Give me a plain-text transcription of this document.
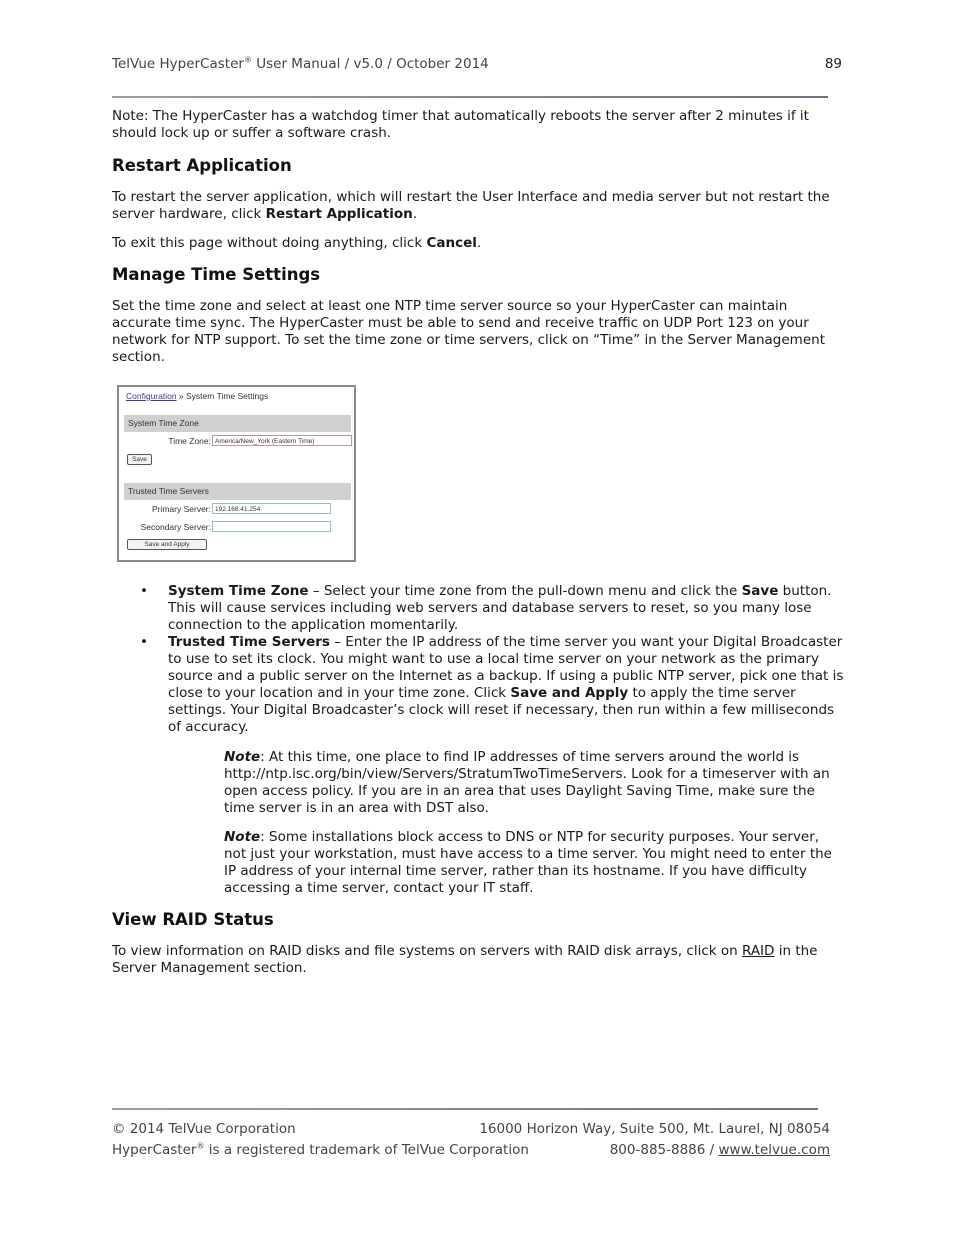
TelVue HyperCaster® User Manual / v5.0 / October 2014	89

Note: The HyperCaster has a watchdog timer that automatically reboots the server after 2 minutes if it should lock up or suffer a software crash.

Restart Application

To restart the server application, which will restart the User Interface and media server but not restart the server hardware, click Restart Application.

To exit this page without doing anything, click Cancel.

Manage Time Settings

Set the time zone and select at least one NTP time server source so your HyperCaster can maintain accurate time sync. The HyperCaster must be able to send and receive traffic on UDP Port 123 on your network for NTP support. To set the time zone or time servers, click on “Time” in the Server Management section.

Configuration » System Time Settings
System Time Zone
Time Zone: America/New_York (Eastern Time)
Save
Trusted Time Servers
Primary Server: 192.168.41.254
Secondary Server:
Save and Apply
• System Time Zone – Select your time zone from the pull-down menu and click the Save button. This will cause services including web servers and database servers to reset, so you many lose connection to the application momentarily.
• Trusted Time Servers – Enter the IP address of the time server you want your Digital Broadcaster to use to set its clock. You might want to use a local time server on your network as the primary source and a public server on the Internet as a backup. If using a public NTP server, pick one that is close to your location and in your time zone. Click Save and Apply to apply the time server settings. Your Digital Broadcaster’s clock will reset if necessary, then run within a few milliseconds of accuracy.

Note: At this time, one place to find IP addresses of time servers around the world is http://ntp.isc.org/bin/view/Servers/StratumTwoTimeServers. Look for a timeserver with an open access policy. If you are in an area that uses Daylight Saving Time, make sure the time server is in an area with DST also.

Note: Some installations block access to DNS or NTP for security purposes. Your server, not just your workstation, must have access to a time server. You might need to enter the IP address of your internal time server, rather than its hostname. If you have difficulty accessing a time server, contact your IT staff.

View RAID Status

To view information on RAID disks and file systems on servers with RAID disk arrays, click on RAID in the Server Management section.

© 2014 TelVue Corporation	16000 Horizon Way, Suite 500, Mt. Laurel, NJ 08054
HyperCaster® is a registered trademark of TelVue Corporation	800-885-8886 / www.telvue.com
